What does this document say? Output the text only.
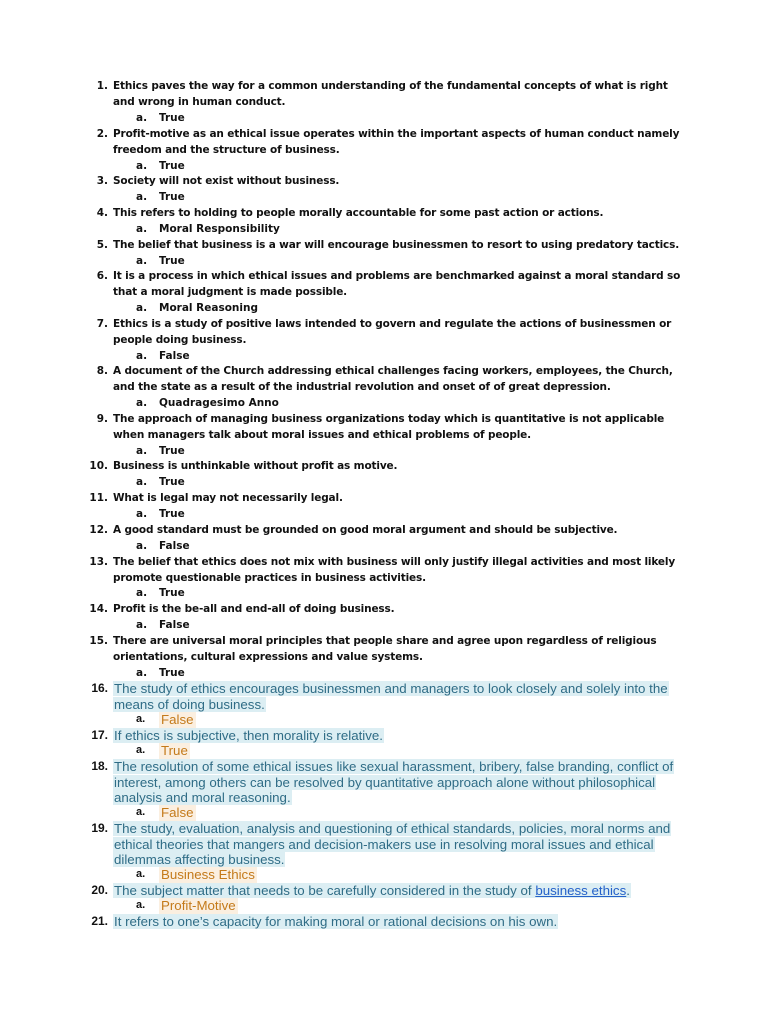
1. Ethics paves the way for a common understanding of the fundamental concepts of what is right and wrong in human conduct.
a. True
2. Profit-motive as an ethical issue operates within the important aspects of human conduct namely freedom and the structure of business.
a. True
3. Society will not exist without business.
a. True
4. This refers to holding to people morally accountable for some past action or actions.
a. Moral Responsibility
5. The belief that business is a war will encourage businessmen to resort to using predatory tactics.
a. True
6. It is a process in which ethical issues and problems are benchmarked against a moral standard so that a moral judgment is made possible.
a. Moral Reasoning
7. Ethics is a study of positive laws intended to govern and regulate the actions of businessmen or people doing business.
a. False
8. A document of the Church addressing ethical challenges facing workers, employees, the Church, and the state as a result of the industrial revolution and onset of of great depression.
a. Quadragesimo Anno
9. The approach of managing business organizations today which is quantitative is not applicable when managers talk about moral issues and ethical problems of people.
a. True
10. Business is unthinkable without profit as motive.
a. True
11. What is legal may not necessarily legal.
a. True
12. A good standard must be grounded on good moral argument and should be subjective.
a. False
13. The belief that ethics does not mix with business will only justify illegal activities and most likely promote questionable practices in business activities.
a. True
14. Profit is the be-all and end-all of doing business.
a. False
15. There are universal moral principles that people share and agree upon regardless of religious orientations, cultural expressions and value systems.
a. True
16. The study of ethics encourages businessmen and managers to look closely and solely into the means of doing business.
a. False
17. If ethics is subjective, then morality is relative.
a. True
18. The resolution of some ethical issues like sexual harassment, bribery, false branding, conflict of interest, among others can be resolved by quantitative approach alone without philosophical analysis and moral reasoning.
a. False
19. The study, evaluation, analysis and questioning of ethical standards, policies, moral norms and ethical theories that mangers and decision-makers use in resolving moral issues and ethical dilemmas affecting business.
a. Business Ethics
20. The subject matter that needs to be carefully considered in the study of business ethics.
a. Profit-Motive
21. It refers to one’s capacity for making moral or rational decisions on his own.
